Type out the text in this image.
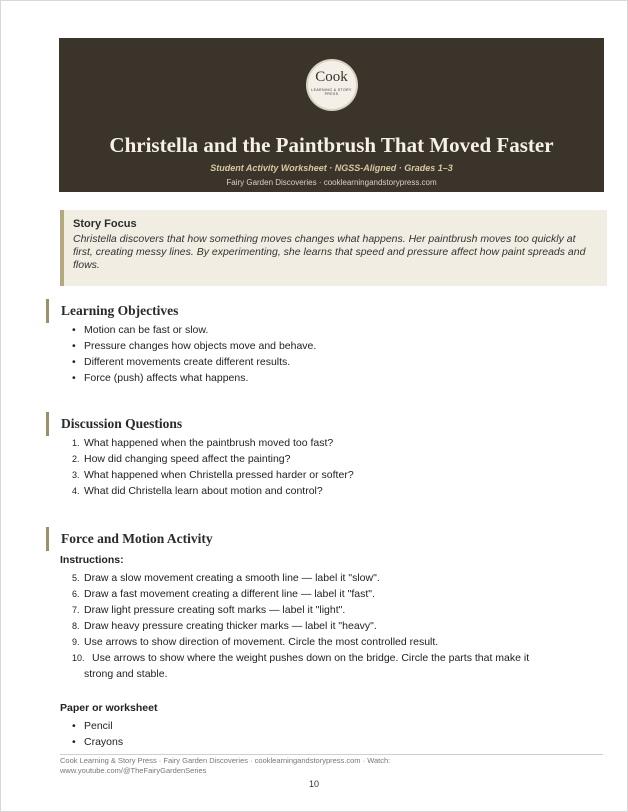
Cook
LEARNING & STORY PRESS
Christella and the Paintbrush That Moved Faster
Student Activity Worksheet · NGSS-Aligned · Grades 1–3
Fairy Garden Discoveries · cooklearningandstorypress.com
Story Focus
Christella discovers that how something moves changes what happens. Her paintbrush moves too quickly at first, creating messy lines. By experimenting, she learns that speed and pressure affect how paint spreads and flows.
Learning Objectives
• Motion can be fast or slow.
• Pressure changes how objects move and behave.
• Different movements create different results.
• Force (push) affects what happens.
Discussion Questions
1. What happened when the paintbrush moved too fast?
2. How did changing speed affect the painting?
3. What happened when Christella pressed harder or softer?
4. What did Christella learn about motion and control?
Force and Motion Activity
Instructions:
5. Draw a slow movement creating a smooth line — label it "slow".
6. Draw a fast movement creating a different line — label it "fast".
7. Draw light pressure creating soft marks — label it "light".
8. Draw heavy pressure creating thicker marks — label it "heavy".
9. Use arrows to show direction of movement. Circle the most controlled result.
10. Use arrows to show where the weight pushes down on the bridge. Circle the parts that make it
strong and stable.
Paper or worksheet
• Pencil
• Crayons
Cook Learning & Story Press · Fairy Garden Discoveries · cooklearningandstorypress.com · Watch:
www.youtube.com/@TheFairyGardenSeries
10
